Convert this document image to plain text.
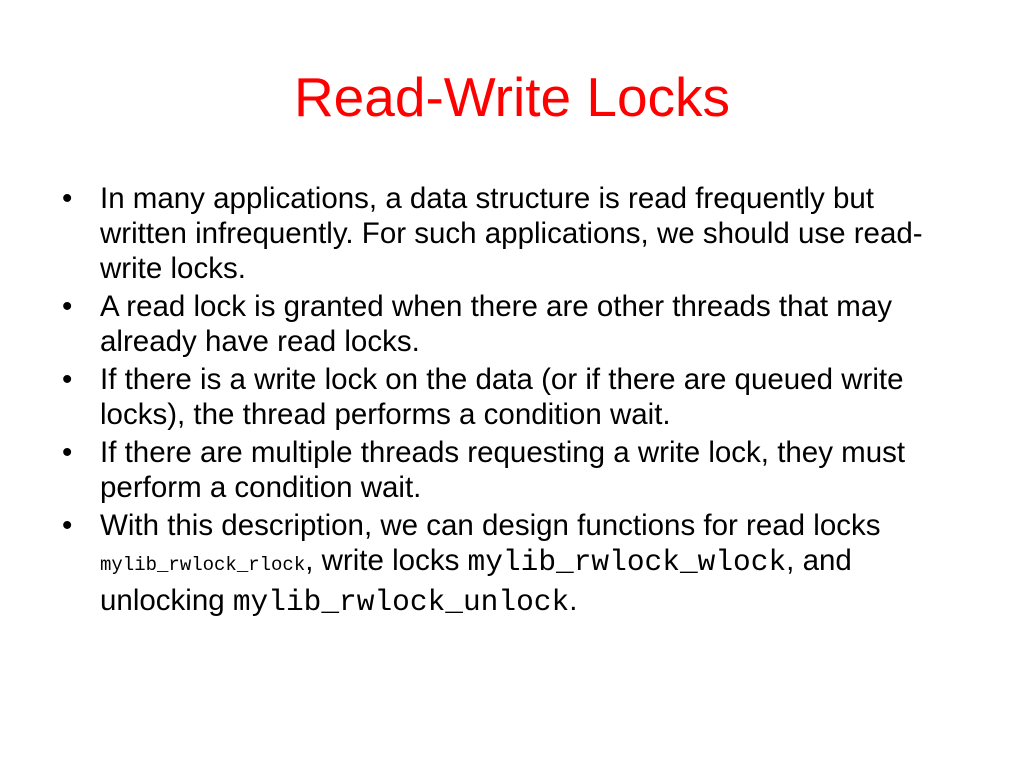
Read-Write Locks
• In many applications, a data structure is read frequently but written infrequently. For such applications, we should use read-write locks.
• A read lock is granted when there are other threads that may already have read locks.
• If there is a write lock on the data (or if there are queued write locks), the thread performs a condition wait.
• If there are multiple threads requesting a write lock, they must perform a condition wait.
• With this description, we can design functions for read locks mylib_rwlock_rlock, write locks mylib_rwlock_wlock, and unlocking mylib_rwlock_unlock.
